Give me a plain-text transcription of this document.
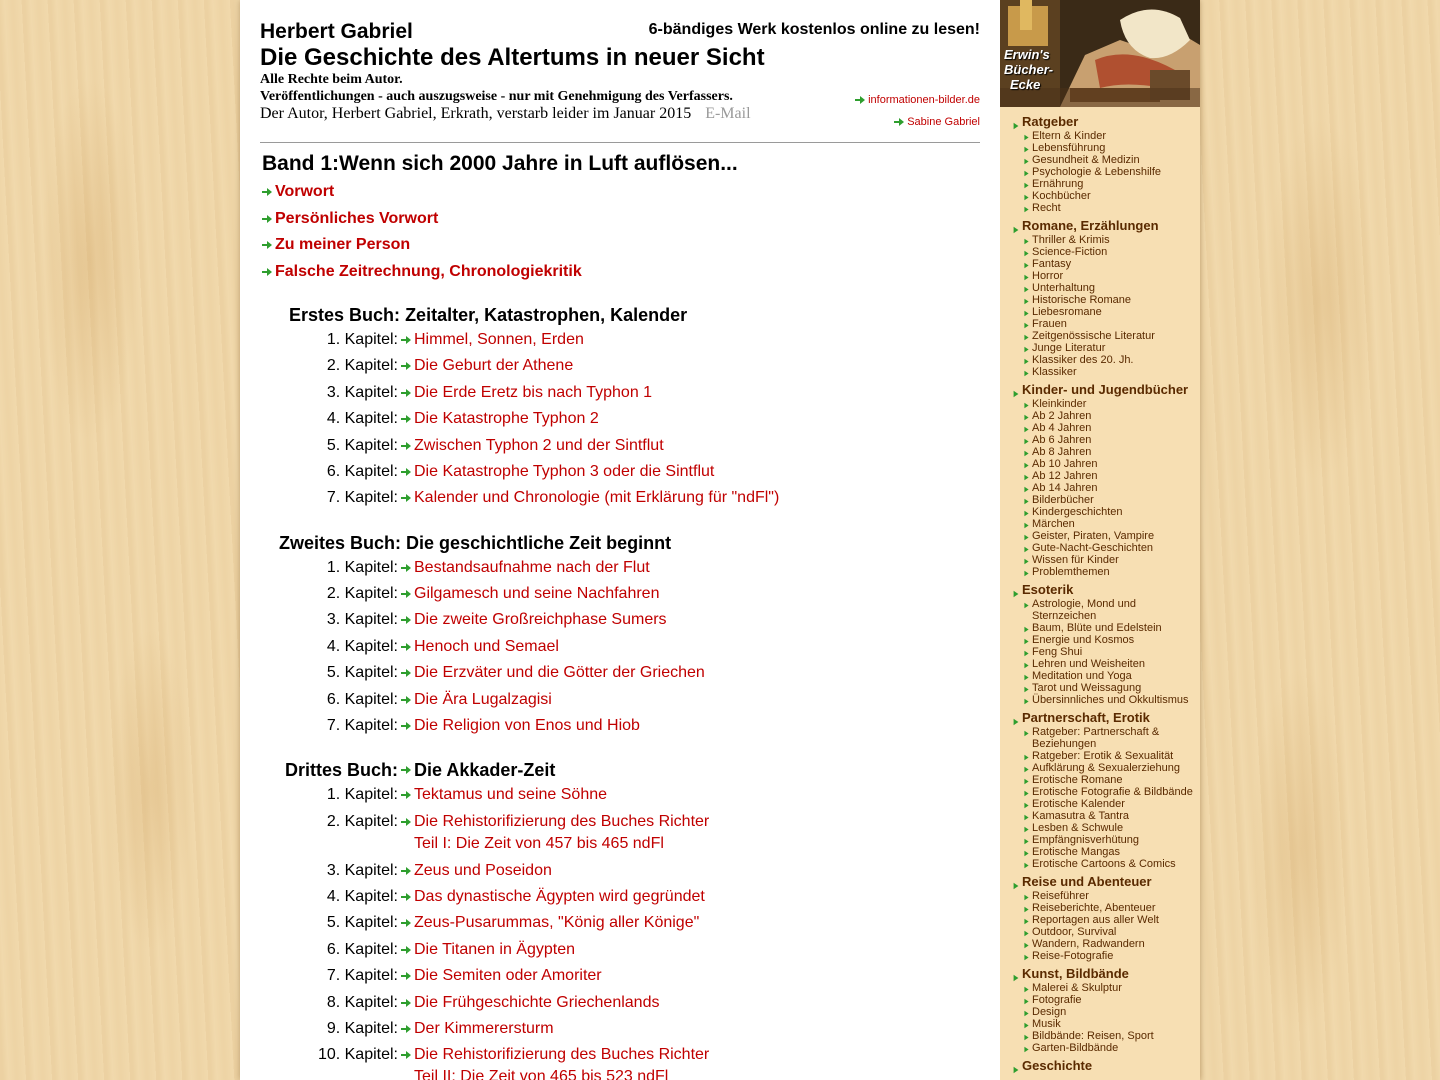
Herbert Gabriel	6-bändiges Werk kostenlos online zu lesen!
Die Geschichte des Altertums in neuer Sicht
Alle Rechte beim Autor.
Veröffentlichungen - auch auszugsweise - nur mit Genehmigung des Verfassers.
Der Autor, Herbert Gabriel, Erkrath, verstarb leider im Januar 2015 E-Mail
informationen-bilder.de
Sabine Gabriel
Band 1:Wenn sich 2000 Jahre in Luft auflösen...
Vorwort
Persönliches Vorwort
Zu meiner Person
Falsche Zeitrechnung, Chronologiekritik
Erstes Buch: Zeitalter, Katastrophen, Kalender
1. Kapitel: Himmel, Sonnen, Erden
2. Kapitel: Die Geburt der Athene
3. Kapitel: Die Erde Eretz bis nach Typhon 1
4. Kapitel: Die Katastrophe Typhon 2
5. Kapitel: Zwischen Typhon 2 und der Sintflut
6. Kapitel: Die Katastrophe Typhon 3 oder die Sintflut
7. Kapitel: Kalender und Chronologie (mit Erklärung für "ndFl")
Zweites Buch: Die geschichtliche Zeit beginnt
1. Kapitel: Bestandsaufnahme nach der Flut
2. Kapitel: Gilgamesch und seine Nachfahren
3. Kapitel: Die zweite Großreichphase Sumers
4. Kapitel: Henoch und Semael
5. Kapitel: Die Erzväter und die Götter der Griechen
6. Kapitel: Die Ära Lugalzagisi
7. Kapitel: Die Religion von Enos und Hiob
Drittes Buch: Die Akkader-Zeit
1. Kapitel: Tektamus und seine Söhne
2. Kapitel: Die Rehistorifizierung des Buches Richter
Teil I: Die Zeit von 457 bis 465 ndFl
3. Kapitel: Zeus und Poseidon
4. Kapitel: Das dynastische Ägypten wird gegründet
5. Kapitel: Zeus-Pusarummas, "König aller Könige"
6. Kapitel: Die Titanen in Ägypten
7. Kapitel: Die Semiten oder Amoriter
8. Kapitel: Die Frühgeschichte Griechenlands
9. Kapitel: Der Kimmerersturm
10. Kapitel: Die Rehistorifizierung des Buches Richter
Teil II: Die Zeit von 465 bis 523 ndFl
Erwin's
Bücher-
Ecke
Ratgeber
Eltern & Kinder
Lebensführung
Gesundheit & Medizin
Psychologie & Lebenshilfe
Ernährung
Kochbücher
Recht
Romane, Erzählungen
Thriller & Krimis
Science-Fiction
Fantasy
Horror
Unterhaltung
Historische Romane
Liebesromane
Frauen
Zeitgenössische Literatur
Junge Literatur
Klassiker des 20. Jh.
Klassiker
Kinder- und Jugendbücher
Kleinkinder
Ab 2 Jahren
Ab 4 Jahren
Ab 6 Jahren
Ab 8 Jahren
Ab 10 Jahren
Ab 12 Jahren
Ab 14 Jahren
Bilderbücher
Kindergeschichten
Märchen
Geister, Piraten, Vampire
Gute-Nacht-Geschichten
Wissen für Kinder
Problemthemen
Esoterik
Astrologie, Mond und Sternzeichen
Baum, Blüte und Edelstein
Energie und Kosmos
Feng Shui
Lehren und Weisheiten
Meditation und Yoga
Tarot und Weissagung
Übersinnliches und Okkultismus
Partnerschaft, Erotik
Ratgeber: Partnerschaft & Beziehungen
Ratgeber: Erotik & Sexualität
Aufklärung & Sexualerziehung
Erotische Romane
Erotische Fotografie & Bildbände
Erotische Kalender
Kamasutra & Tantra
Lesben & Schwule
Empfängnisverhütung
Erotische Mangas
Erotische Cartoons & Comics
Reise und Abenteuer
Reiseführer
Reiseberichte, Abenteuer
Reportagen aus aller Welt
Outdoor, Survival
Wandern, Radwandern
Reise-Fotografie
Kunst, Bildbände
Malerei & Skulptur
Fotografie
Design
Musik
Bildbände: Reisen, Sport
Garten-Bildbände
Geschichte
